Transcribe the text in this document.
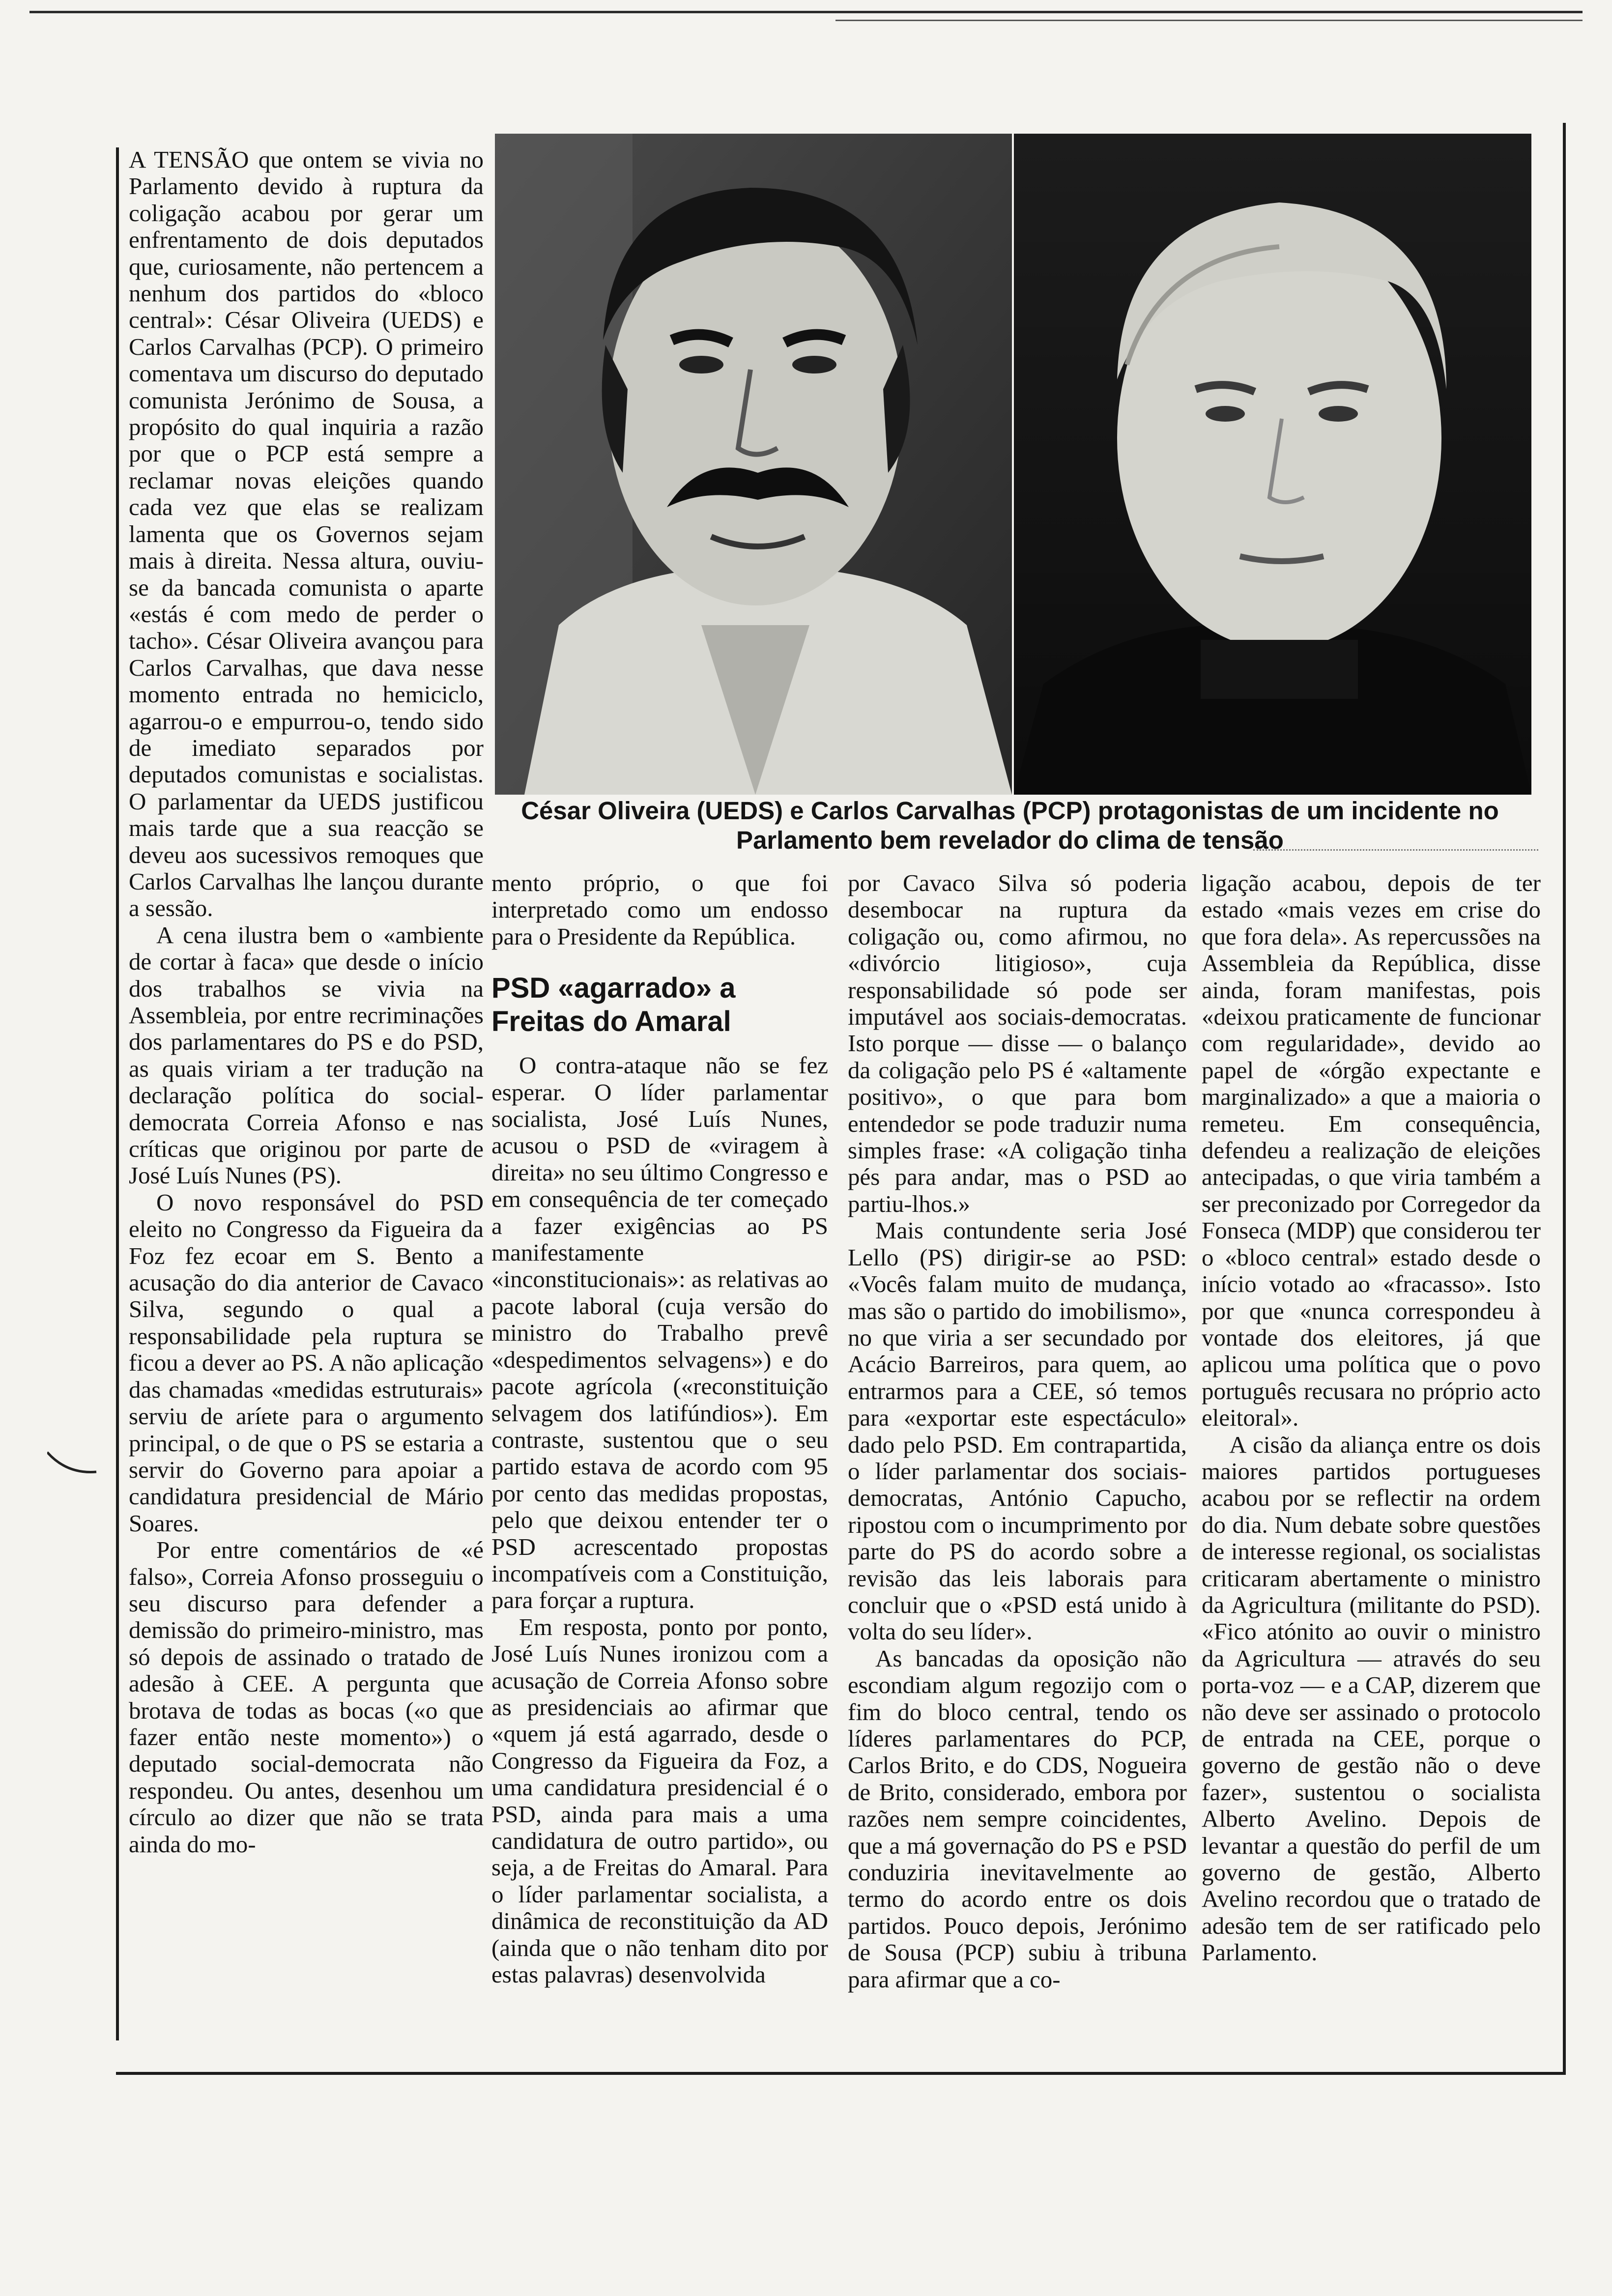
A TENSÃO que ontem se vivia no Parlamento devido à ruptura da coligação acabou por gerar um enfrentamento de dois deputados que, curiosamente, não pertencem a nenhum dos partidos do «bloco central»: César Oliveira (UEDS) e Carlos Carvalhas (PCP). O primeiro comentava um discurso do deputado comunista Jerónimo de Sousa, a propósito do qual inquiria a razão por que o PCP está sempre a reclamar novas eleições quando cada vez que elas se realizam lamenta que os Governos sejam mais à direita. Nessa altura, ouviu-se da bancada comunista o aparte «estás é com medo de perder o tacho». César Oliveira avançou para Carlos Carvalhas, que dava nesse momento entrada no hemiciclo, agarrou-o e empurrou-o, tendo sido de imediato separados por deputados comunistas e socialistas. O parlamentar da UEDS justificou mais tarde que a sua reacção se deveu aos sucessivos remoques que Carlos Carvalhas lhe lançou durante a sessão.

A cena ilustra bem o «ambiente de cortar à faca» que desde o início dos trabalhos se vivia na Assembleia, por entre recriminações dos parlamentares do PS e do PSD, as quais viriam a ter tradução na declaração política do social-democrata Correia Afonso e nas críticas que originou por parte de José Luís Nunes (PS).

O novo responsável do PSD eleito no Congresso da Figueira da Foz fez ecoar em S. Bento a acusação do dia anterior de Cavaco Silva, segundo o qual a responsabilidade pela ruptura se ficou a dever ao PS. A não aplicação das chamadas «medidas estruturais» serviu de aríete para o argumento principal, o de que o PS se estaria a servir do Governo para apoiar a candidatura presidencial de Mário Soares.

Por entre comentários de «é falso», Correia Afonso prosseguiu o seu discurso para defender a demissão do primeiro-ministro, mas só depois de assinado o tratado de adesão à CEE. A pergunta que brotava de todas as bocas («o que fazer então neste momento») o deputado social-democrata não respondeu. Ou antes, desenhou um círculo ao dizer que não se trata ainda do mo-

César Oliveira (UEDS) e Carlos Carvalhas (PCP) protagonistas de um incidente no Parlamento bem revelador do clima de tensão

mento próprio, o que foi interpretado como um endosso para o Presidente da República.

PSD «agarrado» a Freitas do Amaral

O contra-ataque não se fez esperar. O líder parlamentar socialista, José Luís Nunes, acusou o PSD de «viragem à direita» no seu último Congresso e em consequência de ter começado a fazer exigências ao PS manifestamente «inconstitucionais»: as relativas ao pacote laboral (cuja versão do ministro do Trabalho prevê «despedimentos selvagens») e do pacote agrícola («reconstituição selvagem dos latifúndios»). Em contraste, sustentou que o seu partido estava de acordo com 95 por cento das medidas propostas, pelo que deixou entender ter o PSD acrescentado propostas incompatíveis com a Constituição, para forçar a ruptura.

Em resposta, ponto por ponto, José Luís Nunes ironizou com a acusação de Correia Afonso sobre as presidenciais ao afirmar que «quem já está agarrado, desde o Congresso da Figueira da Foz, a uma candidatura presidencial é o PSD, ainda para mais a uma candidatura de outro partido», ou seja, a de Freitas do Amaral. Para o líder parlamentar socialista, a dinâmica de reconstituição da AD (ainda que o não tenham dito por estas palavras) desenvolvida

por Cavaco Silva só poderia desembocar na ruptura da coligação ou, como afirmou, no «divórcio litigioso», cuja responsabilidade só pode ser imputável aos sociais-democratas. Isto porque — disse — o balanço da coligação pelo PS é «altamente positivo», o que para bom entendedor se pode traduzir numa simples frase: «A coligação tinha pés para andar, mas o PSD ao partiu-lhos.»

Mais contundente seria José Lello (PS) dirigir-se ao PSD: «Vocês falam muito de mudança, mas são o partido do imobilismo», no que viria a ser secundado por Acácio Barreiros, para quem, ao entrarmos para a CEE, só temos para «exportar este espectáculo» dado pelo PSD. Em contrapartida, o líder parlamentar dos sociais-democratas, António Capucho, ripostou com o incumprimento por parte do PS do acordo sobre a revisão das leis laborais para concluir que o «PSD está unido à volta do seu líder».

As bancadas da oposição não escondiam algum regozijo com o fim do bloco central, tendo os líderes parlamentares do PCP, Carlos Brito, e do CDS, Nogueira de Brito, considerado, embora por razões nem sempre coincidentes, que a má governação do PS e PSD conduziria inevitavelmente ao termo do acordo entre os dois partidos. Pouco depois, Jerónimo de Sousa (PCP) subiu à tribuna para afirmar que a co-

ligação acabou, depois de ter estado «mais vezes em crise do que fora dela». As repercussões na Assembleia da República, disse ainda, foram manifestas, pois «deixou praticamente de funcionar com regularidade», devido ao papel de «órgão expectante e marginalizado» a que a maioria o remeteu. Em consequência, defendeu a realização de eleições antecipadas, o que viria também a ser preconizado por Corregedor da Fonseca (MDP) que considerou ter o «bloco central» estado desde o início votado ao «fracasso». Isto por que «nunca correspondeu à vontade dos eleitores, já que aplicou uma política que o povo português recusara no próprio acto eleitoral».

A cisão da aliança entre os dois maiores partidos portugueses acabou por se reflectir na ordem do dia. Num debate sobre questões de interesse regional, os socialistas criticaram abertamente o ministro da Agricultura (militante do PSD). «Fico atónito ao ouvir o ministro da Agricultura — através do seu porta-voz — e a CAP, dizerem que não deve ser assinado o protocolo de entrada na CEE, porque o governo de gestão não o deve fazer», sustentou o socialista Alberto Avelino. Depois de levantar a questão do perfil de um governo de gestão, Alberto Avelino recordou que o tratado de adesão tem de ser ratificado pelo Parlamento.
